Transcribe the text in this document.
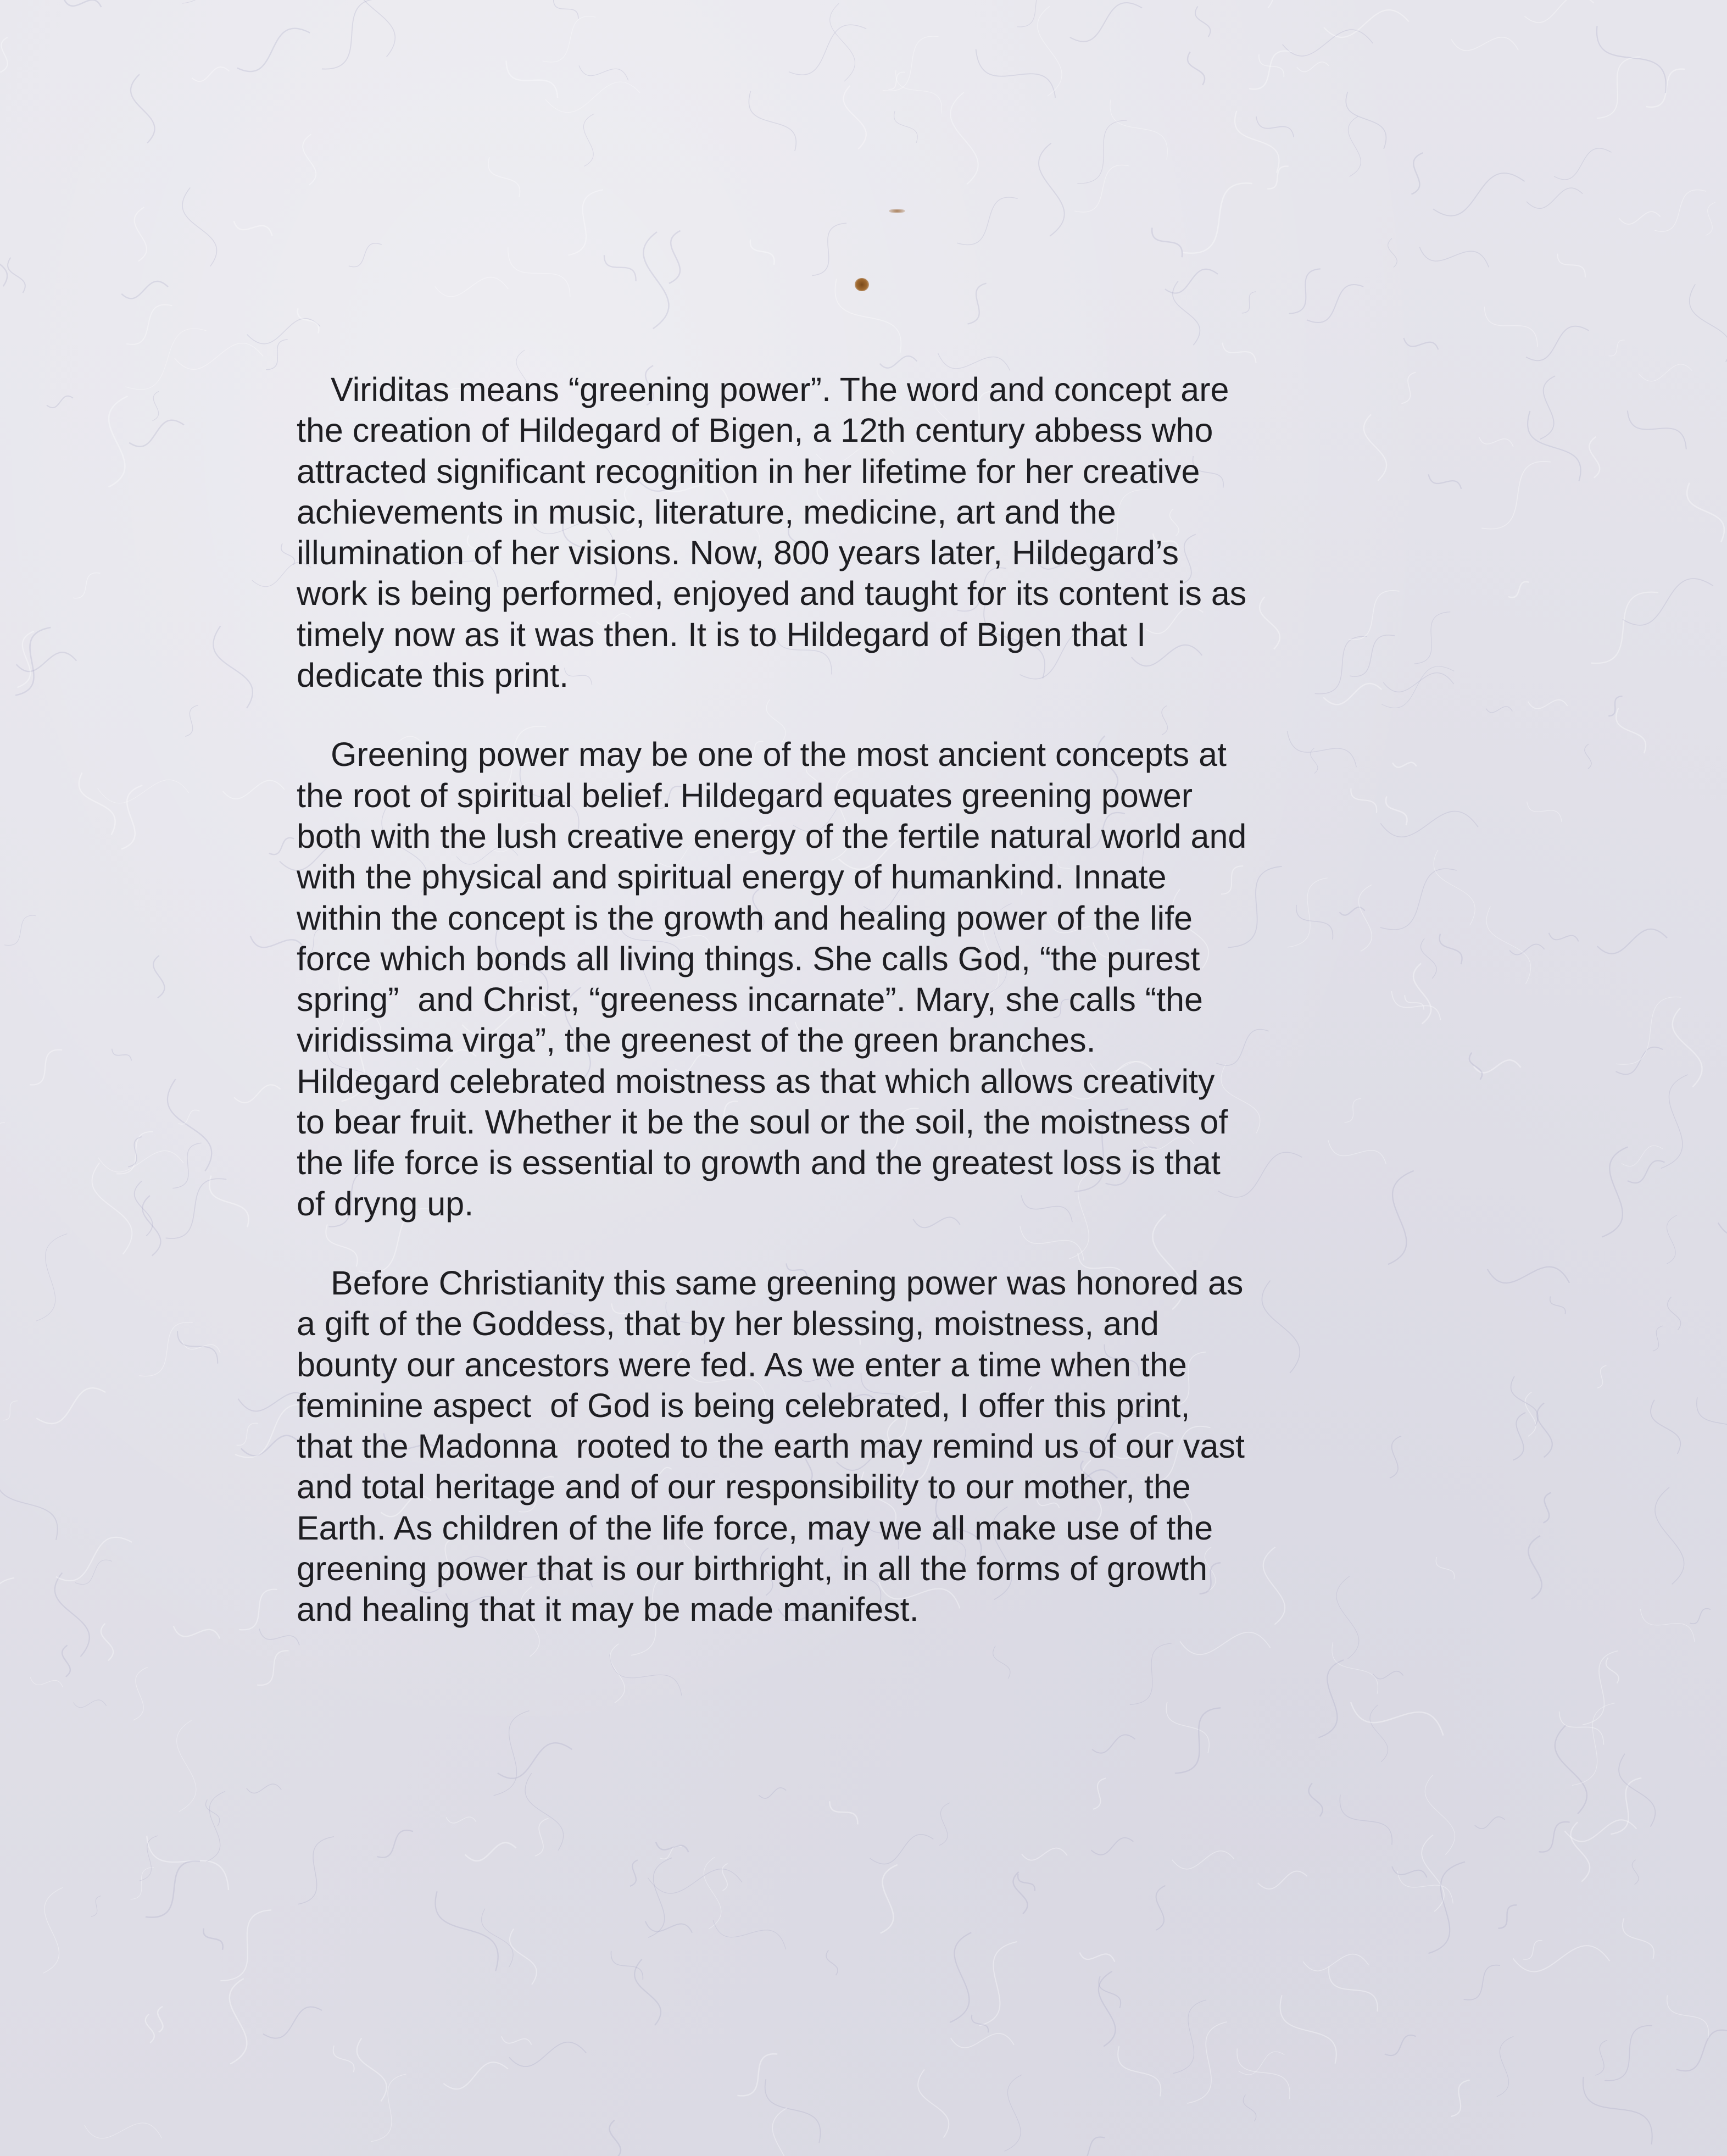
Viriditas means “greening power”. The word and concept are
the creation of Hildegard of Bigen, a 12th century abbess who
attracted significant recognition in her lifetime for her creative
achievements in music, literature, medicine, art and the
illumination of her visions. Now, 800 years later, Hildegard’s
work is being performed, enjoyed and taught for its content is as
timely now as it was then. It is to Hildegard of Bigen that I
dedicate this print.

Greening power may be one of the most ancient concepts at
the root of spiritual belief. Hildegard equates greening power
both with the lush creative energy of the fertile natural world and
with the physical and spiritual energy of humankind. Innate
within the concept is the growth and healing power of the life
force which bonds all living things. She calls God, “the purest
spring”  and Christ, “greeness incarnate”. Mary, she calls “the
viridissima virga”, the greenest of the green branches.
Hildegard celebrated moistness as that which allows creativity
to bear fruit. Whether it be the soul or the soil, the moistness of
the life force is essential to growth and the greatest loss is that
of dryng up.

Before Christianity this same greening power was honored as
a gift of the Goddess, that by her blessing, moistness, and
bounty our ancestors were fed. As we enter a time when the
feminine aspect  of God is being celebrated, I offer this print,
that the Madonna  rooted to the earth may remind us of our vast
and total heritage and of our responsibility to our mother, the
Earth. As children of the life force, may we all make use of the
greening power that is our birthright, in all the forms of growth
and healing that it may be made manifest.
